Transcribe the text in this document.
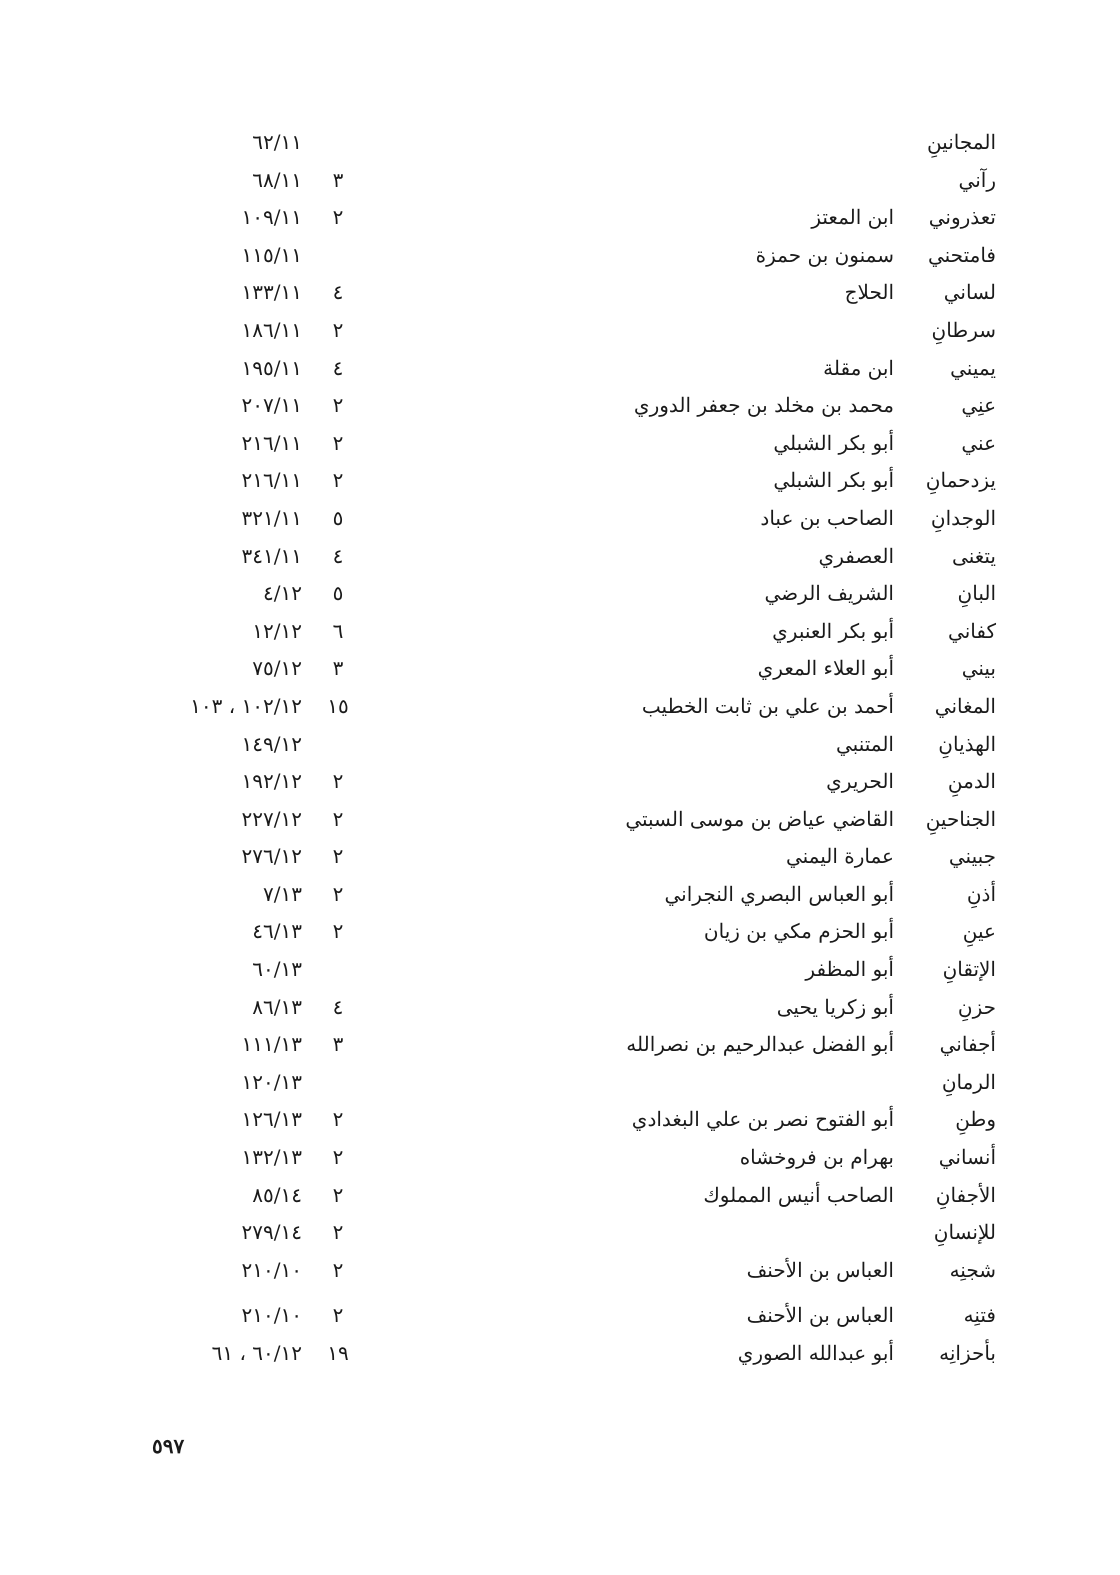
المجانينِ
٦٢/١١
رآني
٣
٦٨/١١
تعذروني
ابن المعتز
٢
١٠٩/١١
فامتحني
سمنون بن حمزة
١١٥/١١
لساني
الحلاج
٤
١٣٣/١١
سرطانِ
٢
١٨٦/١١
يميني
ابن مقلة
٤
١٩٥/١١
عنِي
محمد بن مخلد بن جعفر الدوري
٢
٢٠٧/١١
عني
أبو بكر الشبلي
٢
٢١٦/١١
يزدحمانِ
أبو بكر الشبلي
٢
٢١٦/١١
الوجدانِ
الصاحب بن عباد
٥
٣٢١/١١
يتغنى
العصفري
٤
٣٤١/١١
البانِ
الشريف الرضي
٥
٤/١٢
كفاني
أبو بكر العنبري
٦
١٢/١٢
بيني
أبو العلاء المعري
٣
٧٥/١٢
المغاني
أحمد بن علي بن ثابت الخطيب
١٥
١٠٢/١٢ ، ١٠٣
الهذيانِ
المتنبي
١٤٩/١٢
الدمنِ
الحريري
٢
١٩٢/١٢
الجناحينِ
القاضي عياض بن موسى السبتي
٢
٢٢٧/١٢
جبيني
عمارة اليمني
٢
٢٧٦/١٢
أذنِ
أبو العباس البصري النجراني
٢
٧/١٣
عينِ
أبو الحزم مكي بن زيان
٢
٤٦/١٣
الإتقانِ
أبو المظفر
٦٠/١٣
حزنِ
أبو زكريا يحيى
٤
٨٦/١٣
أجفاني
أبو الفضل عبدالرحيم بن نصرالله
٣
١١١/١٣
الرمانِ
١٢٠/١٣
وطنِ
أبو الفتوح نصر بن علي البغدادي
٢
١٢٦/١٣
أنساني
بهرام بن فروخشاه
٢
١٣٢/١٣
الأجفانِ
الصاحب أنيس المملوك
٢
٨٥/١٤
للإنسانِ
٢
٢٧٩/١٤
شجنِه
العباس بن الأحنف
٢
٢١٠/١٠
فتنِه
العباس بن الأحنف
٢
٢١٠/١٠
بأحزانِه
أبو عبدالله الصوري
١٩
٦٠/١٢ ، ٦١
٥٩٧
